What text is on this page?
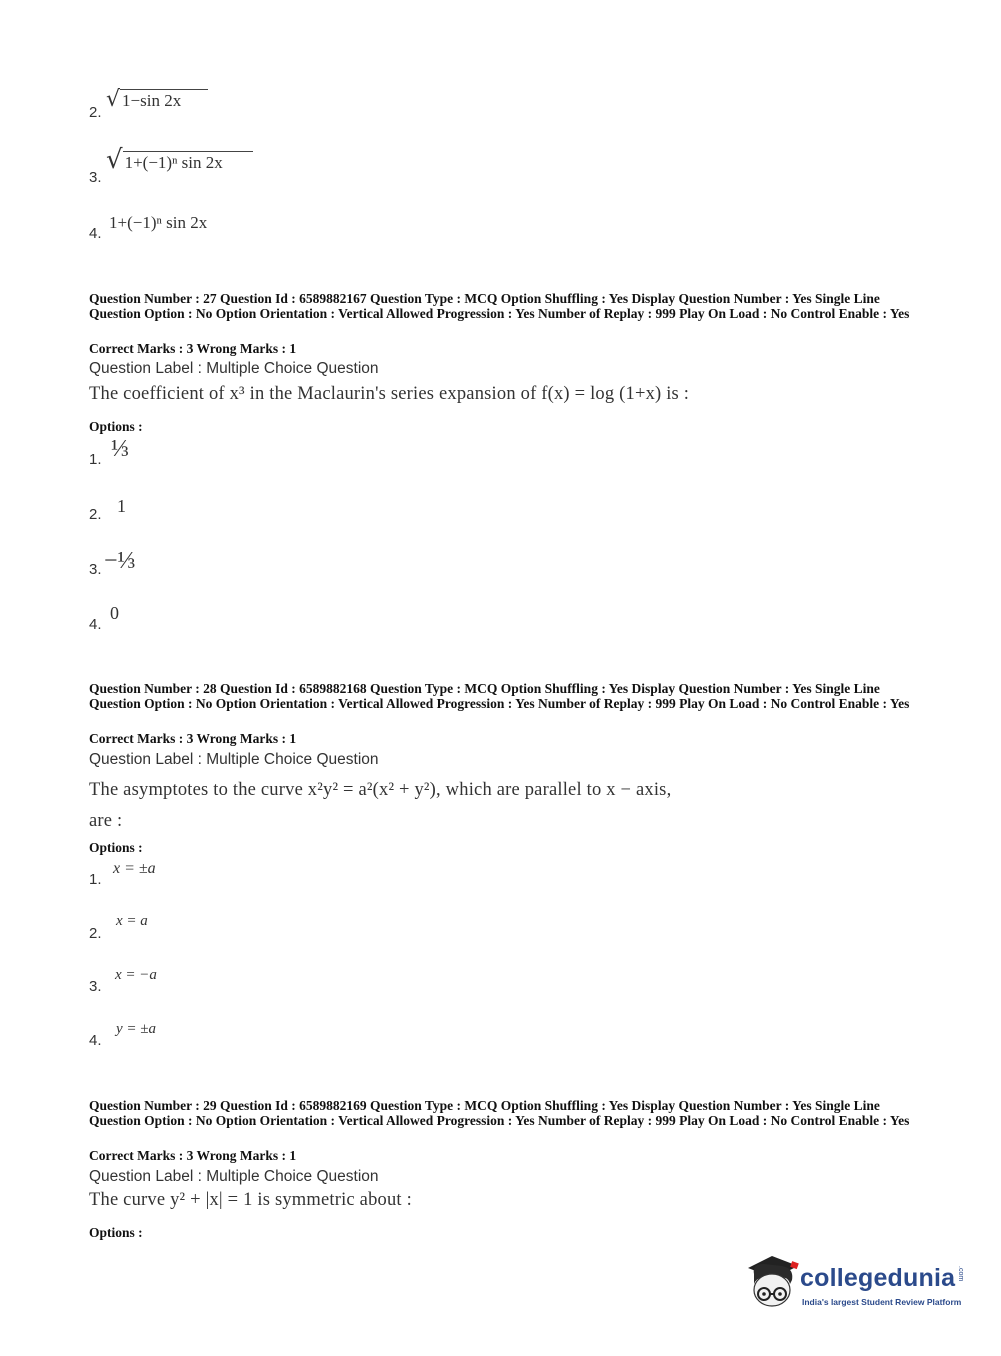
2.
√ 1−sin 2x
3.
√ 1+(−1)ⁿ sin 2x
4.
1+(−1)ⁿ sin 2x
Question Number : 27 Question Id : 6589882167 Question Type : MCQ Option Shuffling : Yes Display Question Number : Yes Single Line Question Option : No Option Orientation : Vertical Allowed Progression : Yes Number of Replay : 999 Play On Load : No Control Enable : Yes
Correct Marks : 3 Wrong Marks : 1
Question Label : Multiple Choice Question
The coefficient of x³ in the Maclaurin's series expansion of f(x) = log (1+x) is :
Options :
1. ⅓
2. 1
3. −⅓
4.
0
Question Number : 28 Question Id : 6589882168 Question Type : MCQ Option Shuffling : Yes Display Question Number : Yes Single Line Question Option : No Option Orientation : Vertical Allowed Progression : Yes Number of Replay : 999 Play On Load : No Control Enable : Yes
Correct Marks : 3 Wrong Marks : 1
Question Label : Multiple Choice Question
The asymptotes to the curve x²y² = a²(x² + y²), which are parallel to x − axis,
are :
Options :
1.
x = ±a
2.
x = a
3.
x = −a
4.
y = ±a
Question Number : 29 Question Id : 6589882169 Question Type : MCQ Option Shuffling : Yes Display Question Number : Yes Single Line Question Option : No Option Orientation : Vertical Allowed Progression : Yes Number of Replay : 999 Play On Load : No Control Enable : Yes
Correct Marks : 3 Wrong Marks : 1
Question Label : Multiple Choice Question
The curve y² + |x| = 1 is symmetric about :
Options :
collegedunia .com
India's largest Student Review Platform
